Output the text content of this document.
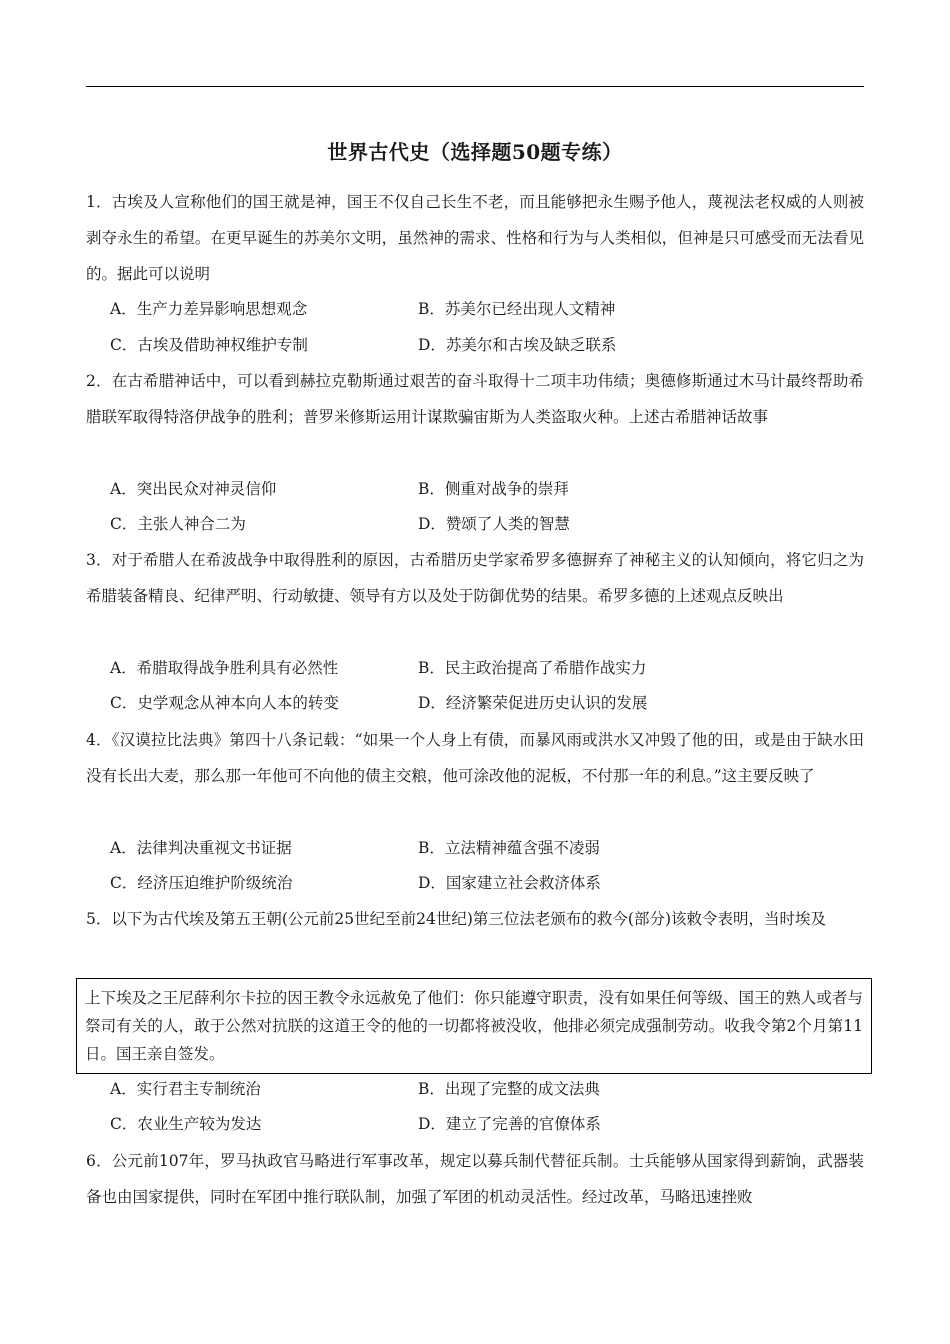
世界古代史（选择题50题专练）
1．古埃及人宣称他们的国王就是神，国王不仅自己长生不老，而且能够把永生赐予他人，蔑视法老权威的人则被剥夺永生的希望。在更早诞生的苏美尔文明，虽然神的需求、性格和行为与人类相似，但神是只可感受而无法看见的。据此可以说明
A．生产力差异影响思想观念	B．苏美尔已经出现人文精神
C．古埃及借助神权维护专制	D．苏美尔和古埃及缺乏联系
2．在古希腊神话中，可以看到赫拉克勒斯通过艰苦的奋斗取得十二项丰功伟绩；奥德修斯通过木马计最终帮助希腊联军取得特洛伊战争的胜利；普罗米修斯运用计谋欺骗宙斯为人类盗取火种。上述古希腊神话故事
A．突出民众对神灵信仰	B．侧重对战争的崇拜
C．主张人神合二为	D．赞颂了人类的智慧
3．对于希腊人在希波战争中取得胜利的原因，古希腊历史学家希罗多德摒弃了神秘主义的认知倾向，将它归之为希腊装备精良、纪律严明、行动敏捷、领导有方以及处于防御优势的结果。希罗多德的上述观点反映出
A．希腊取得战争胜利具有必然性	B．民主政治提高了希腊作战实力
C．史学观念从神本向人本的转变	D．经济繁荣促进历史认识的发展
4．《汉谟拉比法典》第四十八条记载：“如果一个人身上有债，而暴风雨或洪水又冲毁了他的田，或是由于缺水田没有长出大麦，那么那一年他可不向他的债主交粮，他可涂改他的泥板，不付那一年的利息。”这主要反映了
A．法律判决重视文书证据	B．立法精神蕴含强不凌弱
C．经济压迫维护阶级统治	D．国家建立社会救济体系
5．以下为古代埃及第五王朝(公元前25世纪至前24世纪)第三位法老颁布的救今(部分)该敕令表明，当时埃及
上下埃及之王尼薛利尔卡拉的因王教令永远赦免了他们：你只能遵守职责，没有如果任何等级、国王的熟人或者与祭司有关的人，敢于公然对抗朕的这道王令的他的一切都将被没收，他排必须完成强制劳动。收我令第2个月第11日。国王亲自签发。
A．实行君主专制统治	B．出现了完整的成文法典
C．农业生产较为发达	D．建立了完善的官僚体系
6．公元前107年，罗马执政官马略进行军事改革，规定以募兵制代替征兵制。士兵能够从国家得到薪饷，武器装备也由国家提供，同时在军团中推行联队制，加强了军团的机动灵活性。经过改革，马略迅速挫败
